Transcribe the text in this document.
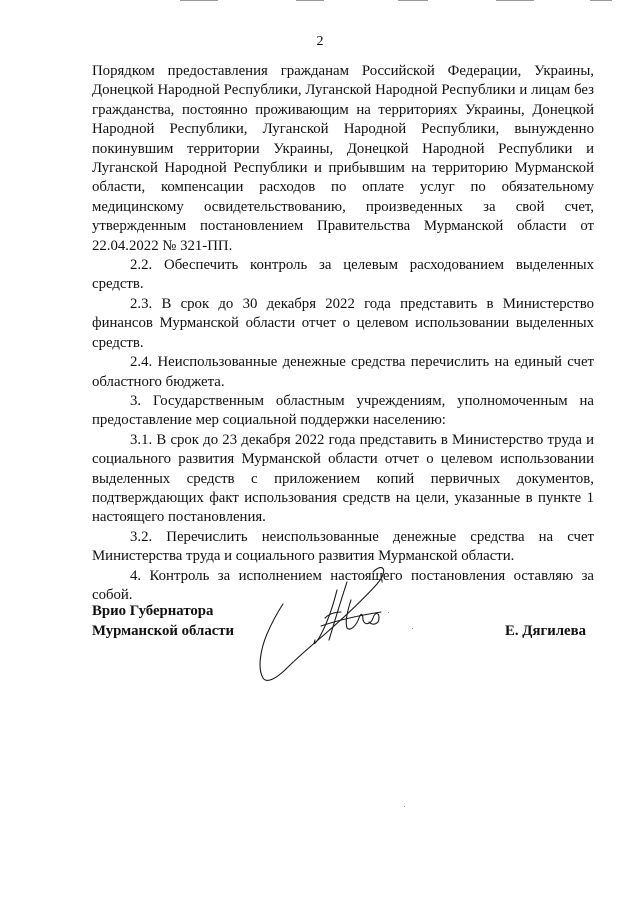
2

Порядком предоставления гражданам Российской Федерации, Украины, Донецкой Народной Республики, Луганской Народной Республики и лицам без гражданства, постоянно проживающим на территориях Украины, Донецкой Народной Республики, Луганской Народной Республики, вынужденно покинувшим территории Украины, Донецкой Народной Республики и Луганской Народной Республики и прибывшим на территорию Мурманской области, компенсации расходов по оплате услуг по обязательному медицинскому освидетельствованию, произведенных за свой счет, утвержденным постановлением Правительства Мурманской области от 22.04.2022 № 321-ПП.

2.2. Обеспечить контроль за целевым расходованием выделенных средств.

2.3. В срок до 30 декабря 2022 года представить в Министерство финансов Мурманской области отчет о целевом использовании выделенных средств.

2.4. Неиспользованные денежные средства перечислить на единый счет областного бюджета.

3. Государственным областным учреждениям, уполномоченным на предоставление мер социальной поддержки населению:

3.1. В срок до 23 декабря 2022 года представить в Министерство труда и социального развития Мурманской области отчет о целевом использовании выделенных средств с приложением копий первичных документов, подтверждающих факт использования средств на цели, указанные в пункте 1 настоящего постановления.

3.2. Перечислить неиспользованные денежные средства на счет Министерства труда и социального развития Мурманской области.

4. Контроль за исполнением настоящего постановления оставляю за собой.

Врио Губернатора
Мурманской области	Е. Дягилева
